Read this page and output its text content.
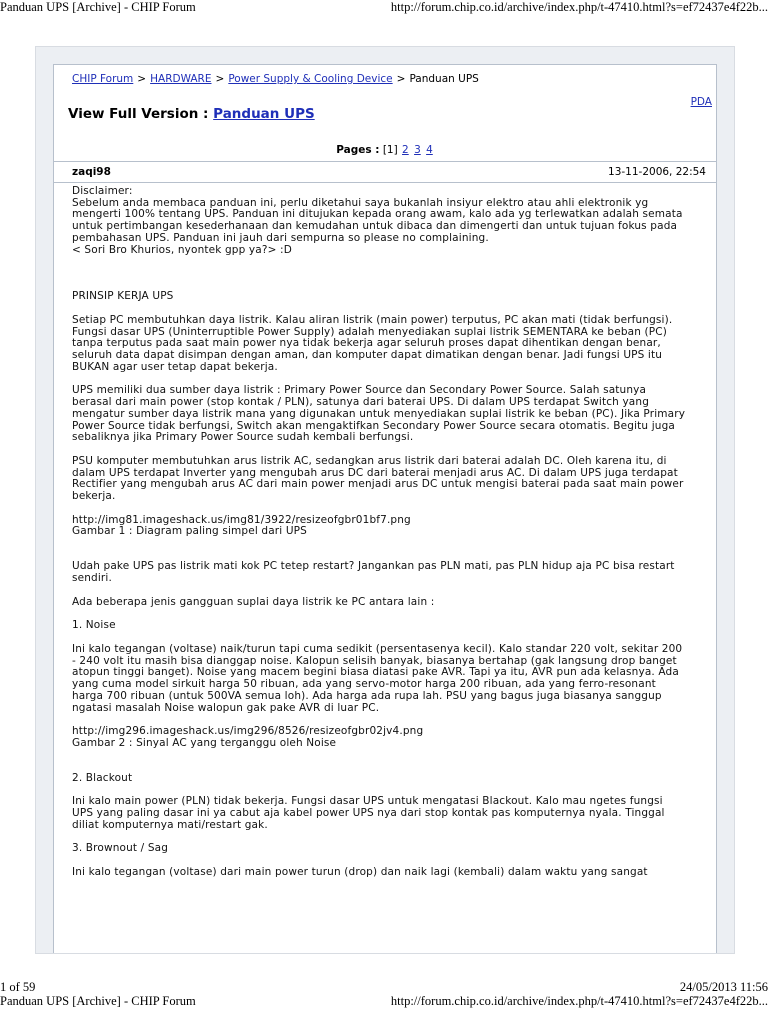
Panduan UPS [Archive] - CHIP Forum	http://forum.chip.co.id/archive/index.php/t-47410.html?s=ef72437e4f22b...
CHIP Forum > HARDWARE > Power Supply & Cooling Device > Panduan UPS
PDA
View Full Version : Panduan UPS
Pages : [1] 2 3 4
zaqi98	13-11-2006, 22:54
Disclaimer:
Sebelum anda membaca panduan ini, perlu diketahui saya bukanlah insiyur elektro atau ahli elektronik yg
mengerti 100% tentang UPS. Panduan ini ditujukan kepada orang awam, kalo ada yg terlewatkan adalah semata
untuk pertimbangan kesederhanaan dan kemudahan untuk dibaca dan dimengerti dan untuk tujuan fokus pada
pembahasan UPS. Panduan ini jauh dari sempurna so please no complaining.
< Sori Bro Khurios, nyontek gpp ya?> :D
PRINSIP KERJA UPS
Setiap PC membutuhkan daya listrik. Kalau aliran listrik (main power) terputus, PC akan mati (tidak berfungsi).
Fungsi dasar UPS (Uninterruptible Power Supply) adalah menyediakan suplai listrik SEMENTARA ke beban (PC)
tanpa terputus pada saat main power nya tidak bekerja agar seluruh proses dapat dihentikan dengan benar,
seluruh data dapat disimpan dengan aman, dan komputer dapat dimatikan dengan benar. Jadi fungsi UPS itu
BUKAN agar user tetap dapat bekerja.
UPS memiliki dua sumber daya listrik : Primary Power Source dan Secondary Power Source. Salah satunya
berasal dari main power (stop kontak / PLN), satunya dari baterai UPS. Di dalam UPS terdapat Switch yang
mengatur sumber daya listrik mana yang digunakan untuk menyediakan suplai listrik ke beban (PC). Jika Primary
Power Source tidak berfungsi, Switch akan mengaktifkan Secondary Power Source secara otomatis. Begitu juga
sebaliknya jika Primary Power Source sudah kembali berfungsi.
PSU komputer membutuhkan arus listrik AC, sedangkan arus listrik dari baterai adalah DC. Oleh karena itu, di
dalam UPS terdapat Inverter yang mengubah arus DC dari baterai menjadi arus AC. Di dalam UPS juga terdapat
Rectifier yang mengubah arus AC dari main power menjadi arus DC untuk mengisi baterai pada saat main power
bekerja.
http://img81.imageshack.us/img81/3922/resizeofgbr01bf7.png
Gambar 1 : Diagram paling simpel dari UPS
Udah pake UPS pas listrik mati kok PC tetep restart? Jangankan pas PLN mati, pas PLN hidup aja PC bisa restart
sendiri.
Ada beberapa jenis gangguan suplai daya listrik ke PC antara lain :
1. Noise
Ini kalo tegangan (voltase) naik/turun tapi cuma sedikit (persentasenya kecil). Kalo standar 220 volt, sekitar 200
- 240 volt itu masih bisa dianggap noise. Kalopun selisih banyak, biasanya bertahap (gak langsung drop banget
atopun tinggi banget). Noise yang macem begini biasa diatasi pake AVR. Tapi ya itu, AVR pun ada kelasnya. Ada
yang cuma model sirkuit harga 50 ribuan, ada yang servo-motor harga 200 ribuan, ada yang ferro-resonant
harga 700 ribuan (untuk 500VA semua loh). Ada harga ada rupa lah. PSU yang bagus juga biasanya sanggup
ngatasi masalah Noise walopun gak pake AVR di luar PC.
http://img296.imageshack.us/img296/8526/resizeofgbr02jv4.png
Gambar 2 : Sinyal AC yang terganggu oleh Noise
2. Blackout
Ini kalo main power (PLN) tidak bekerja. Fungsi dasar UPS untuk mengatasi Blackout. Kalo mau ngetes fungsi
UPS yang paling dasar ini ya cabut aja kabel power UPS nya dari stop kontak pas komputernya nyala. Tinggal
diliat komputernya mati/restart gak.
3. Brownout / Sag
Ini kalo tegangan (voltase) dari main power turun (drop) dan naik lagi (kembali) dalam waktu yang sangat
1 of 59	24/05/2013 11:56
Panduan UPS [Archive] - CHIP Forum	http://forum.chip.co.id/archive/index.php/t-47410.html?s=ef72437e4f22b...
